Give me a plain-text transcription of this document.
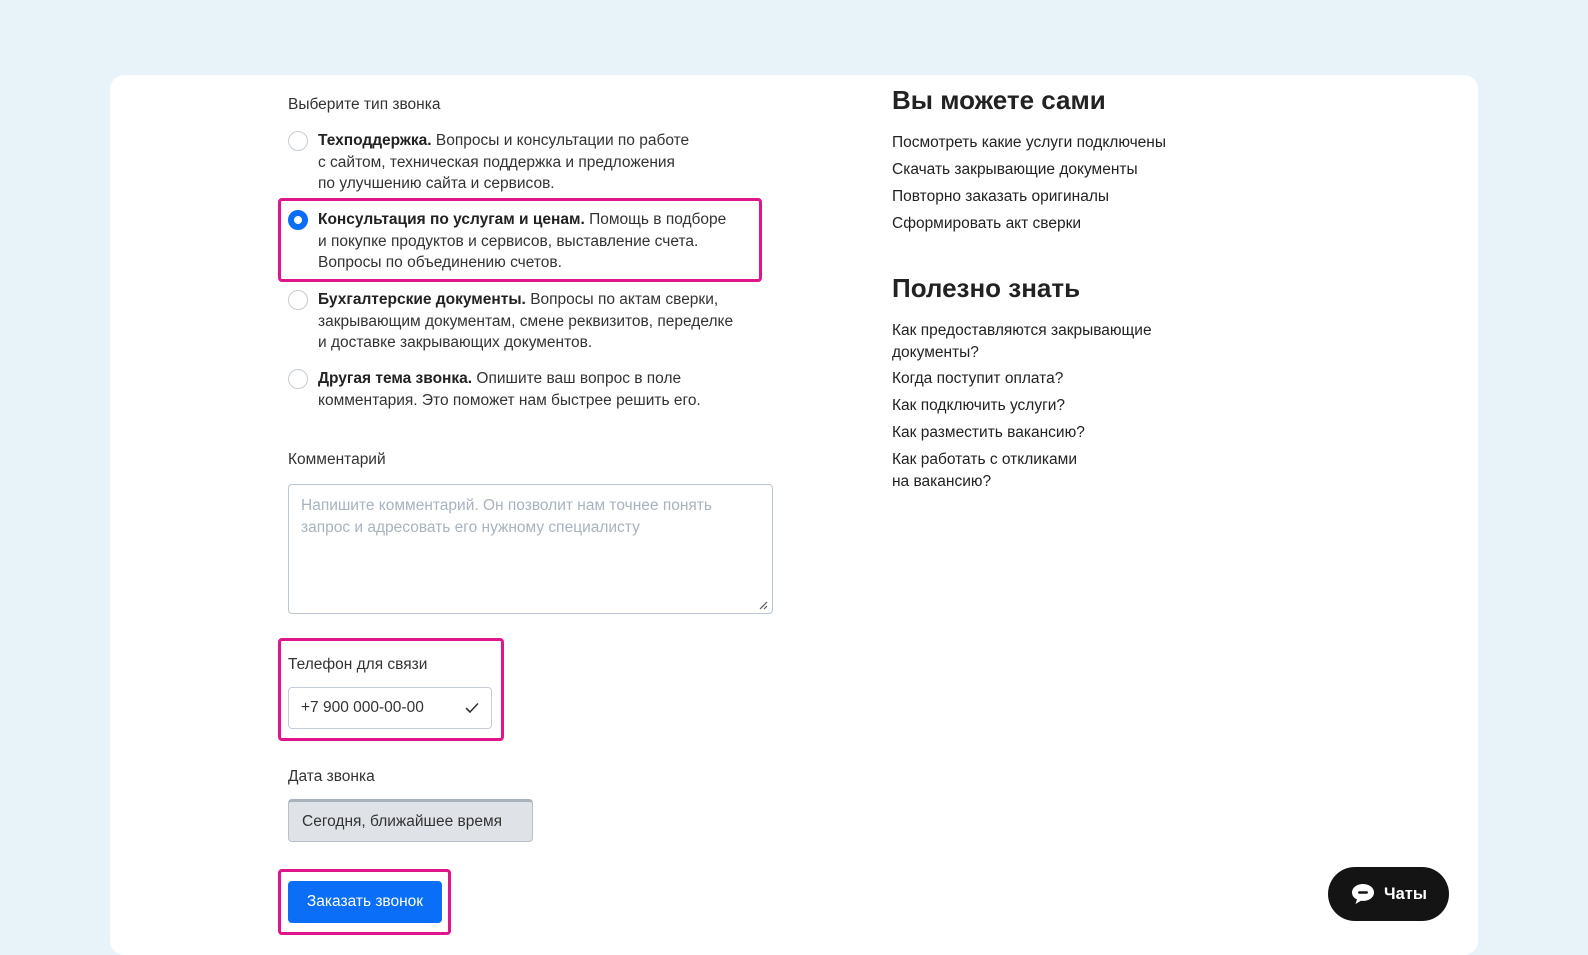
Выберите тип звонка
Техподдержка. Вопросы и консультации по работе
с сайтом, техническая поддержка и предложения
по улучшению сайта и сервисов.
Консультация по услугам и ценам. Помощь в подборе
и покупке продуктов и сервисов, выставление счета.
Вопросы по объединению счетов.
Бухгалтерские документы. Вопросы по актам сверки,
закрывающим документам, смене реквизитов, переделке
и доставке закрывающих документов.
Другая тема звонка. Опишите ваш вопрос в поле
комментария. Это поможет нам быстрее решить его.
Комментарий
Напишите комментарий. Он позволит нам точнее понять запрос и адресовать его нужному специалисту
Телефон для связи
+7 900 000-00-00
Дата звонка
Сегодня, ближайшее время
Заказать звонок
Вы можете сами
Посмотреть какие услуги подключены
Скачать закрывающие документы
Повторно заказать оригиналы
Сформировать акт сверки
Полезно знать
Как предоставляются закрывающие
документы?
Когда поступит оплата?
Как подключить услуги?
Как разместить вакансию?
Как работать с откликами
на вакансию?
Чаты
